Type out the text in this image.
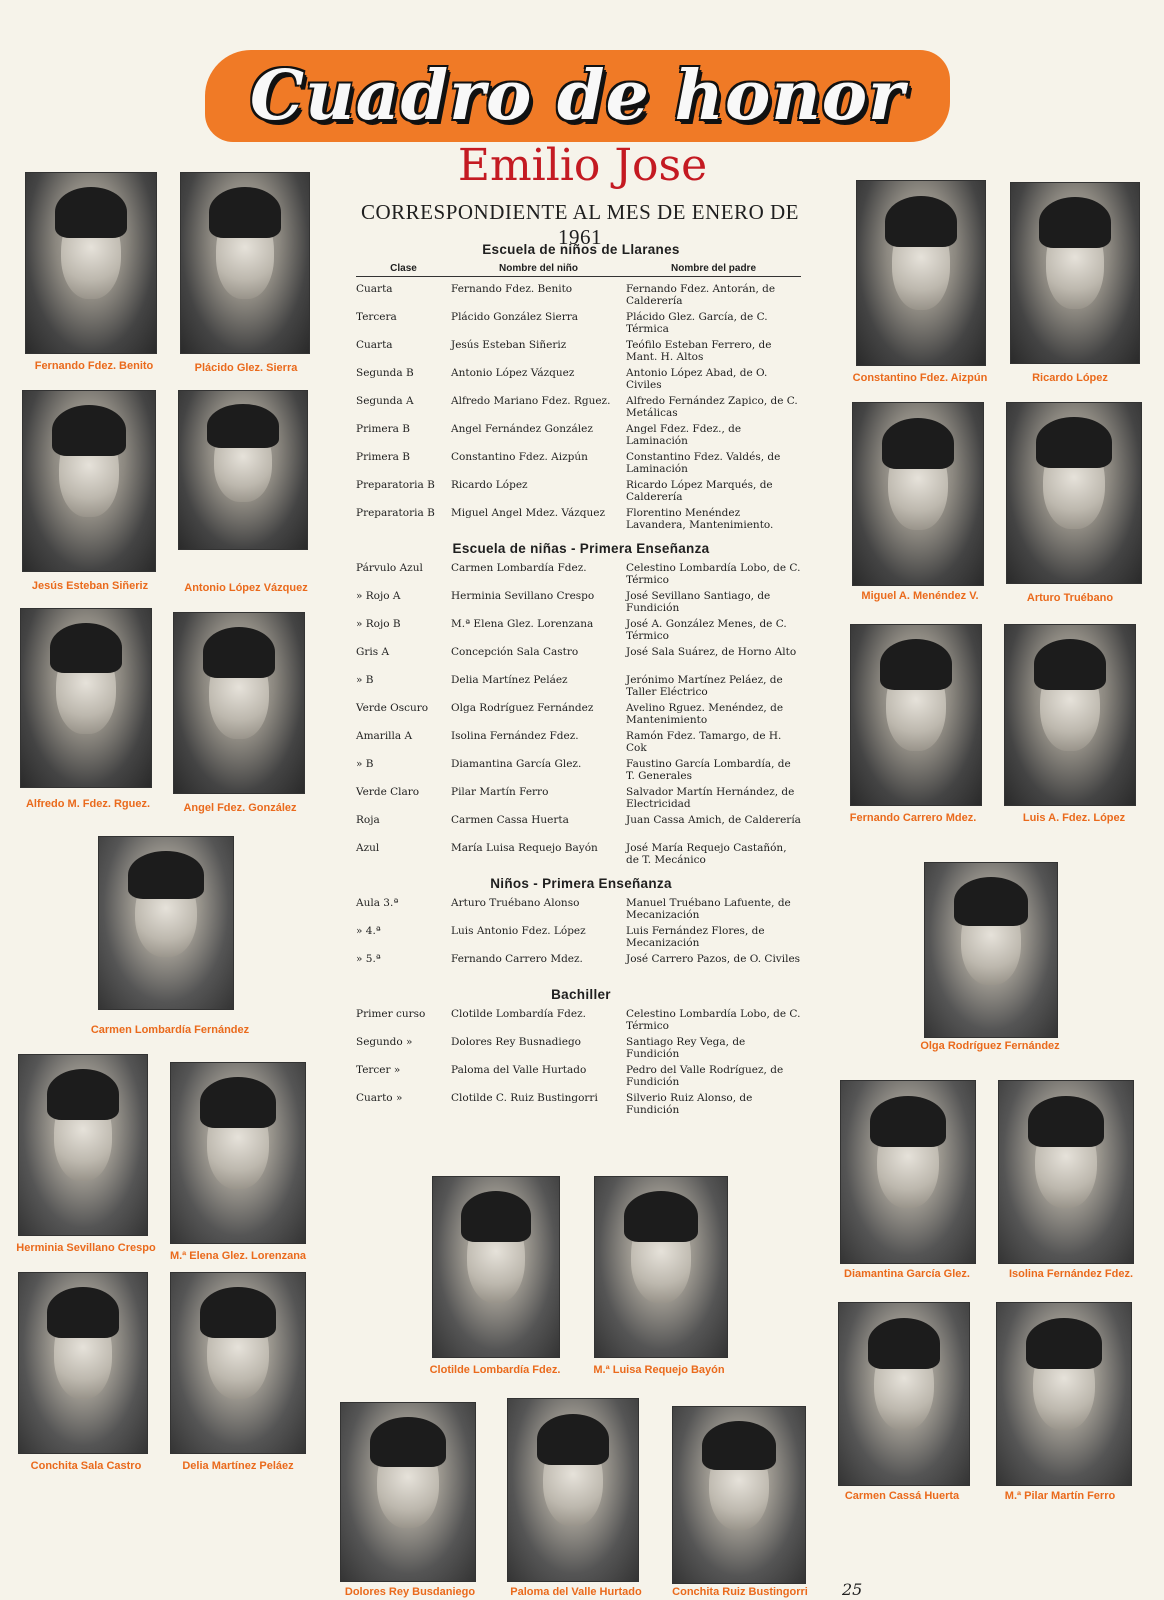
Cuadro de honor
Emilio Jose
CORRESPONDIENTE AL MES DE ENERO DE 1961
Escuela de niños de Llaranes
Clase	Nombre del niño	Nombre del padre
Cuarta	Fernando Fdez. Benito	Fernando Fdez. Antorán, de Calderería
Tercera	Plácido González Sierra	Plácido Glez. García, de C. Térmica
Cuarta	Jesús Esteban Siñeriz	Teófilo Esteban Ferrero, de Mant. H. Altos
Segunda B	Antonio López Vázquez	Antonio López Abad, de O. Civiles
Segunda A	Alfredo Mariano Fdez. Rguez.	Alfredo Fernández Zapico, de C. Metálicas
Primera B	Angel Fernández González	Angel Fdez. Fdez., de Laminación
Primera B	Constantino Fdez. Aizpún	Constantino Fdez. Valdés, de Laminación
Preparatoria B	Ricardo López	Ricardo López Marqués, de Calderería
Preparatoria B	Miguel Angel Mdez. Vázquez	Florentino Menéndez Lavandera, Mantenimiento.
Escuela de niñas - Primera Enseñanza
Párvulo Azul	Carmen Lombardía Fdez.	Celestino Lombardía Lobo, de C. Térmico
» Rojo A	Herminia Sevillano Crespo	José Sevillano Santiago, de Fundición
» Rojo B	M.ª Elena Glez. Lorenzana	José A. González Menes, de C. Térmico
Gris A	Concepción Sala Castro	José Sala Suárez, de Horno Alto
» B	Delia Martínez Peláez	Jerónimo Martínez Peláez, de Taller Eléctrico
Verde Oscuro	Olga Rodríguez Fernández	Avelino Rguez. Menéndez, de Mantenimiento
Amarilla A	Isolina Fernández Fdez.	Ramón Fdez. Tamargo, de H. Cok
» B	Diamantina García Glez.	Faustino García Lombardía, de T. Generales
Verde Claro	Pilar Martín Ferro	Salvador Martín Hernández, de Electricidad
Roja	Carmen Cassa Huerta	Juan Cassa Amich, de Calderería
Azul	María Luisa Requejo Bayón	José María Requejo Castañón, de T. Mecánico
Niños - Primera Enseñanza
Aula 3.ª	Arturo Truébano Alonso	Manuel Truébano Lafuente, de Mecanización
» 4.ª	Luis Antonio Fdez. López	Luis Fernández Flores, de Mecanización
» 5.ª	Fernando Carrero Mdez.	José Carrero Pazos, de O. Civiles
Bachiller
Primer curso	Clotilde Lombardía Fdez.	Celestino Lombardía Lobo, de C. Térmico
Segundo »	Dolores Rey Busnadiego	Santiago Rey Vega, de Fundición
Tercer »	Paloma del Valle Hurtado	Pedro del Valle Rodríguez, de Fundición
Cuarto »	Clotilde C. Ruiz Bustingorri	Silverio Ruiz Alonso, de Fundición
Fernando Fdez. Benito	Plácido Glez. Sierra
Jesús Esteban Siñeriz	Antonio López Vázquez
Alfredo M. Fdez. Rguez.	Angel Fdez. González
Carmen Lombardía Fernández
Herminia Sevillano Crespo
M.ª Elena Glez. Lorenzana
Conchita Sala Castro	Delia Martínez Peláez
Constantino Fdez. Aizpún	Ricardo López
Miguel A. Menéndez V.	Arturo Truébano
Fernando Carrero Mdez.	Luis A. Fdez. López
Olga Rodríguez Fernández
Diamantina García Glez.	Isolina Fernández Fdez.
Carmen Cassá Huerta	M.ª Pilar Martín Ferro
Clotilde Lombardía Fdez.	M.ª Luisa Requejo Bayón
Dolores Rey Busdaniego	Paloma del Valle Hurtado	Conchita Ruiz Bustingorri	25
